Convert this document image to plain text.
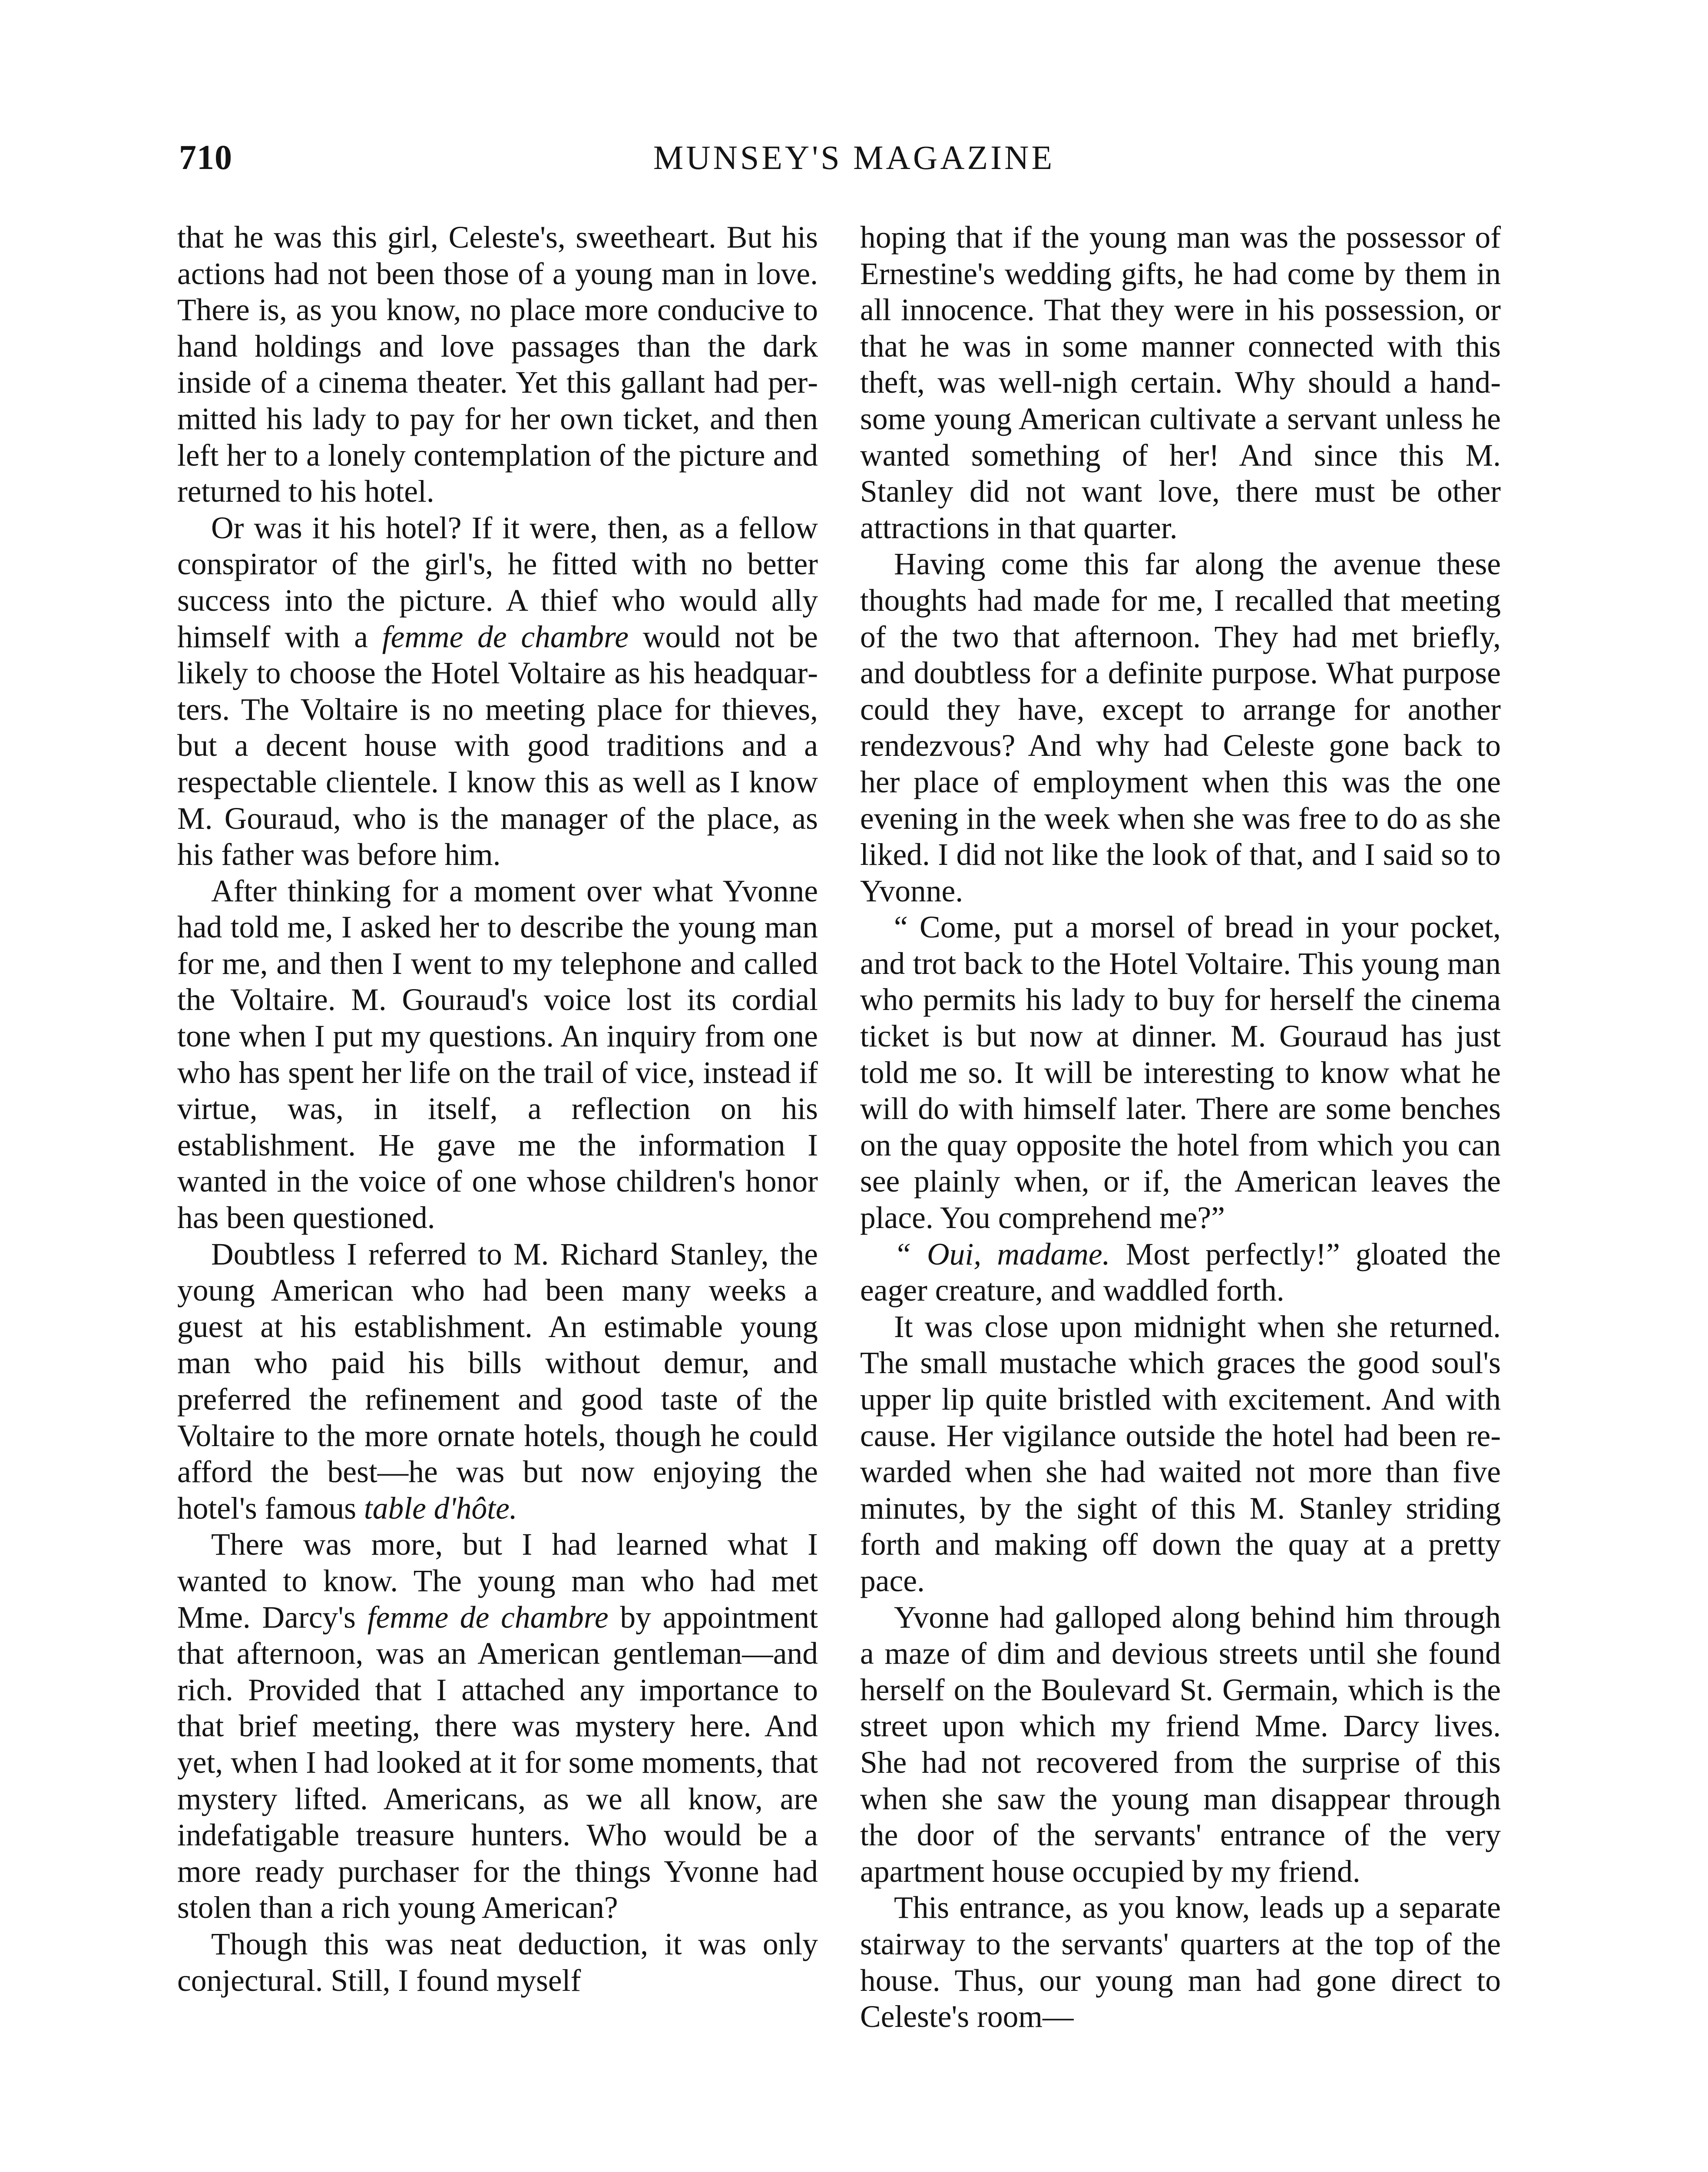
710	MUNSEY'S MAGAZINE

that he was this girl, Celeste's, sweetheart. But his actions had not been those of a young man in love. There is, as you know, no place more conducive to hand holdings and love passages than the dark inside of a cinema theater. Yet this gallant had permitted his lady to pay for her own ticket, and then left her to a lonely contemplation of the picture and returned to his hotel.

Or was it his hotel? If it were, then, as a fellow conspirator of the girl's, he fitted with no better success into the picture. A thief who would ally himself with a femme de chambre would not be likely to choose the Hotel Voltaire as his headquarters. The Voltaire is no meeting place for thieves, but a decent house with good traditions and a respectable clientele. I know this as well as I know M. Gouraud, who is the manager of the place, as his father was before him.

After thinking for a moment over what Yvonne had told me, I asked her to describe the young man for me, and then I went to my telephone and called the Voltaire. M. Gouraud's voice lost its cordial tone when I put my questions. An inquiry from one who has spent her life on the trail of vice, instead if virtue, was, in itself, a reflection on his establishment. He gave me the information I wanted in the voice of one whose children's honor has been questioned.

Doubtless I referred to M. Richard Stanley, the young American who had been many weeks a guest at his establishment. An estimable young man who paid his bills without demur, and preferred the refinement and good taste of the Voltaire to the more ornate hotels, though he could afford the best—he was but now enjoying the hotel's famous table d'hôte.

There was more, but I had learned what I wanted to know. The young man who had met Mme. Darcy's femme de chambre by appointment that afternoon, was an American gentleman—and rich. Provided that I attached any importance to that brief meeting, there was mystery here. And yet, when I had looked at it for some moments, that mystery lifted. Americans, as we all know, are indefatigable treasure hunters. Who would be a more ready purchaser for the things Yvonne had stolen than a rich young American?

Though this was neat deduction, it was only conjectural. Still, I found myself

hoping that if the young man was the possessor of Ernestine's wedding gifts, he had come by them in all innocence. That they were in his possession, or that he was in some manner connected with this theft, was well-nigh certain. Why should a handsome young American cultivate a servant unless he wanted something of her! And since this M. Stanley did not want love, there must be other attractions in that quarter.

Having come this far along the avenue these thoughts had made for me, I recalled that meeting of the two that afternoon. They had met briefly, and doubtless for a definite purpose. What purpose could they have, except to arrange for another rendezvous? And why had Celeste gone back to her place of employment when this was the one evening in the week when she was free to do as she liked. I did not like the look of that, and I said so to Yvonne.

“ Come, put a morsel of bread in your pocket, and trot back to the Hotel Voltaire. This young man who permits his lady to buy for herself the cinema ticket is but now at dinner. M. Gouraud has just told me so. It will be interesting to know what he will do with himself later. There are some benches on the quay opposite the hotel from which you can see plainly when, or if, the American leaves the place. You comprehend me?”

“ Oui, madame. Most perfectly!” gloated the eager creature, and waddled forth.

It was close upon midnight when she returned. The small mustache which graces the good soul's upper lip quite bristled with excitement. And with cause. Her vigilance outside the hotel had been rewarded when she had waited not more than five minutes, by the sight of this M. Stanley striding forth and making off down the quay at a pretty pace.

Yvonne had galloped along behind him through a maze of dim and devious streets until she found herself on the Boulevard St. Germain, which is the street upon which my friend Mme. Darcy lives. She had not recovered from the surprise of this when she saw the young man disappear through the door of the servants' entrance of the very apartment house occupied by my friend.

This entrance, as you know, leads up a separate stairway to the servants' quarters at the top of the house. Thus, our young man had gone direct to Celeste's room—
